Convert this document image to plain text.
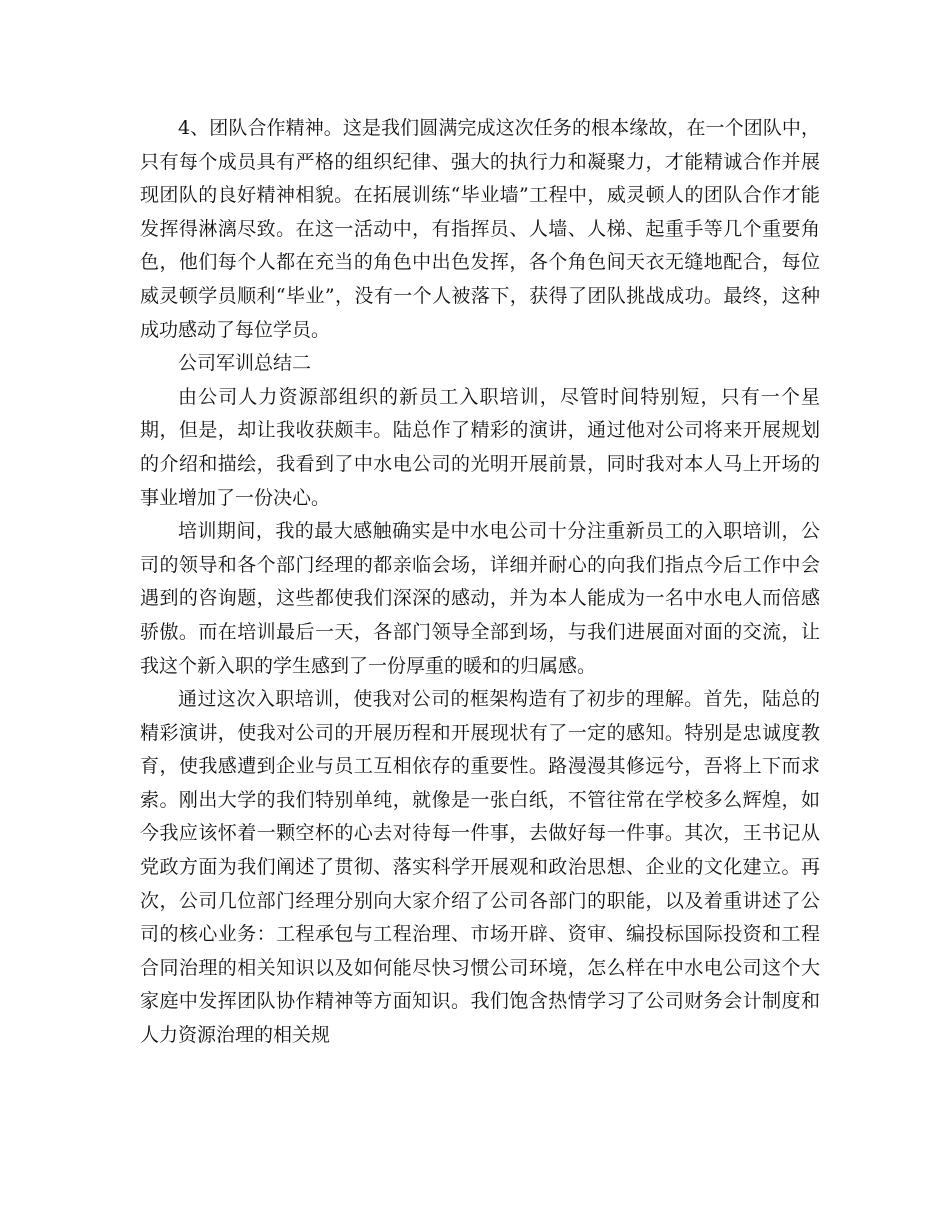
4、团队合作精神。这是我们圆满完成这次任务的根本缘故，在一个团队中，只有每个成员具有严格的组织纪律、强大的执行力和凝聚力，才能精诚合作并展现团队的良好精神相貌。在拓展训练“毕业墙”工程中，威灵顿人的团队合作才能发挥得淋漓尽致。在这一活动中，有指挥员、人墙、人梯、起重手等几个重要角色，他们每个人都在充当的角色中出色发挥，各个角色间天衣无缝地配合，每位威灵顿学员顺利“毕业”，没有一个人被落下，获得了团队挑战成功。最终，这种成功感动了每位学员。

公司军训总结二

由公司人力资源部组织的新员工入职培训，尽管时间特别短，只有一个星期，但是，却让我收获颇丰。陆总作了精彩的演讲，通过他对公司将来开展规划的介绍和描绘，我看到了中水电公司的光明开展前景，同时我对本人马上开场的事业增加了一份决心。

培训期间，我的最大感触确实是中水电公司十分注重新员工的入职培训，公司的领导和各个部门经理的都亲临会场，详细并耐心的向我们指点今后工作中会遇到的咨询题，这些都使我们深深的感动，并为本人能成为一名中水电人而倍感骄傲。而在培训最后一天，各部门领导全部到场，与我们进展面对面的交流，让我这个新入职的学生感到了一份厚重的暖和的归属感。

通过这次入职培训，使我对公司的框架构造有了初步的理解。首先，陆总的精彩演讲，使我对公司的开展历程和开展现状有了一定的感知。特别是忠诚度教育，使我感遭到企业与员工互相依存的重要性。路漫漫其修远兮，吾将上下而求索。刚出大学的我们特别单纯，就像是一张白纸，不管往常在学校多么辉煌，如今我应该怀着一颗空杯的心去对待每一件事，去做好每一件事。其次，王书记从党政方面为我们阐述了贯彻、落实科学开展观和政治思想、企业的文化建立。再次，公司几位部门经理分别向大家介绍了公司各部门的职能，以及着重讲述了公司的核心业务：工程承包与工程治理、市场开辟、资审、编投标国际投资和工程合同治理的相关知识以及如何能尽快习惯公司环境，怎么样在中水电公司这个大家庭中发挥团队协作精神等方面知识。我们饱含热情学习了公司财务会计制度和人力资源治理的相关规
